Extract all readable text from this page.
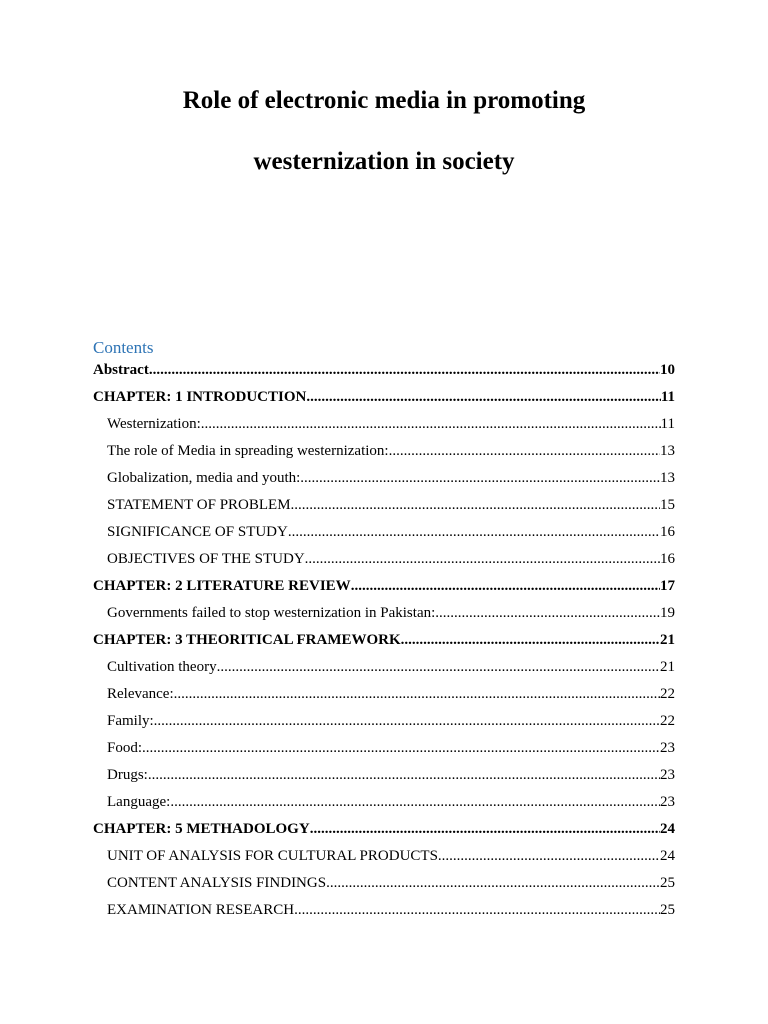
Role of electronic media in promoting

westernization in society

Contents
Abstract .....	10
CHAPTER: 1 INTRODUCTION .....	11
Westernization: .....	11
The role of Media in spreading westernization: .....	13
Globalization, media and youth: .....	13
STATEMENT OF PROBLEM .....	15
SIGNIFICANCE OF STUDY .....	16
OBJECTIVES OF THE STUDY .....	16
CHAPTER: 2 LITERATURE REVIEW .....	17
Governments failed to stop westernization in Pakistan: .....	19
CHAPTER: 3 THEORITICAL FRAMEWORK .....	21
Cultivation theory .....	21
Relevance: .....	22
Family: .....	22
Food: .....	23
Drugs: .....	23
Language: .....	23
CHAPTER: 5 METHADOLOGY .....	24
UNIT OF ANALYSIS FOR CULTURAL PRODUCTS .....	24
CONTENT ANALYSIS FINDINGS .....	25
EXAMINATION RESEARCH .....	25
